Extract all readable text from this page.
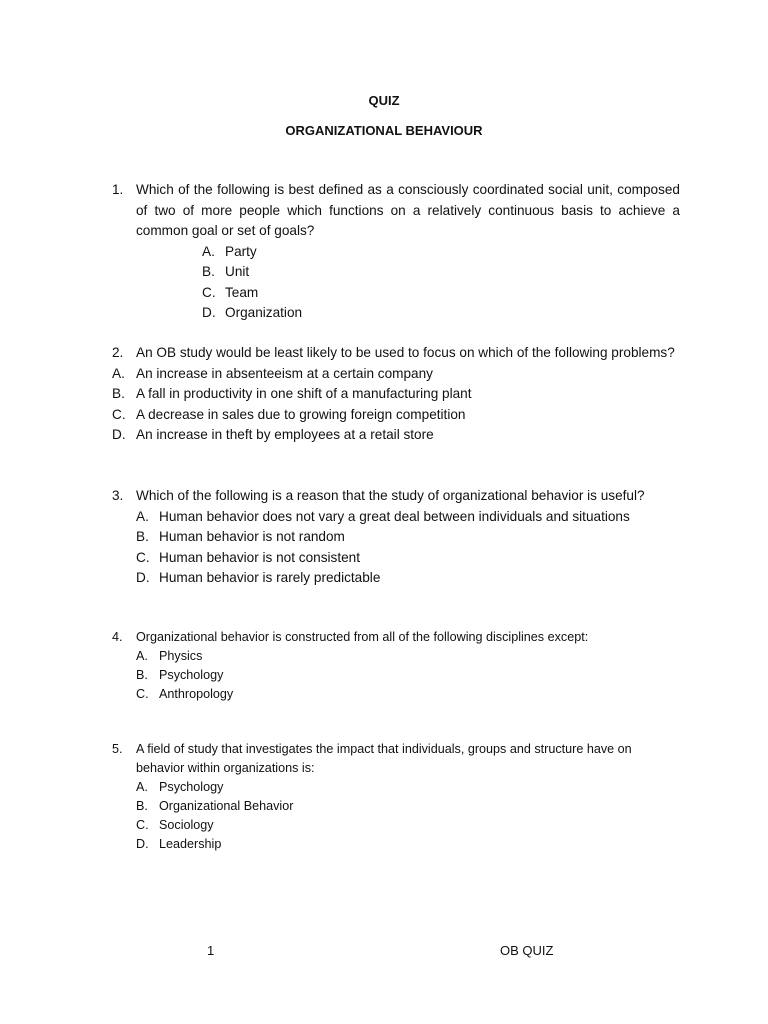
QUIZ
ORGANIZATIONAL BEHAVIOUR
1. Which of the following is best defined as a consciously coordinated social unit, composed of two of more people which functions on a relatively continuous basis to achieve a common goal or set of goals?
A. Party
B. Unit
C. Team
D. Organization
2. An OB study would be least likely to be used to focus on which of the following problems?
A. An increase in absenteeism at a certain company
B. A fall in productivity in one shift of a manufacturing plant
C. A decrease in sales due to growing foreign competition
D. An increase in theft by employees at a retail store
3. Which of the following is a reason that the study of organizational behavior is useful?
A. Human behavior does not vary a great deal between individuals and situations
B. Human behavior is not random
C. Human behavior is not consistent
D. Human behavior is rarely predictable
4.	Organizational behavior is constructed from all of the following disciplines except:
A. Physics
B. Psychology
C. Anthropology
5.	A field of study that investigates the impact that individuals, groups and structure have on behavior within organizations is:
A. Psychology
B. Organizational Behavior
C. Sociology
D. Leadership
1	OB QUIZ
